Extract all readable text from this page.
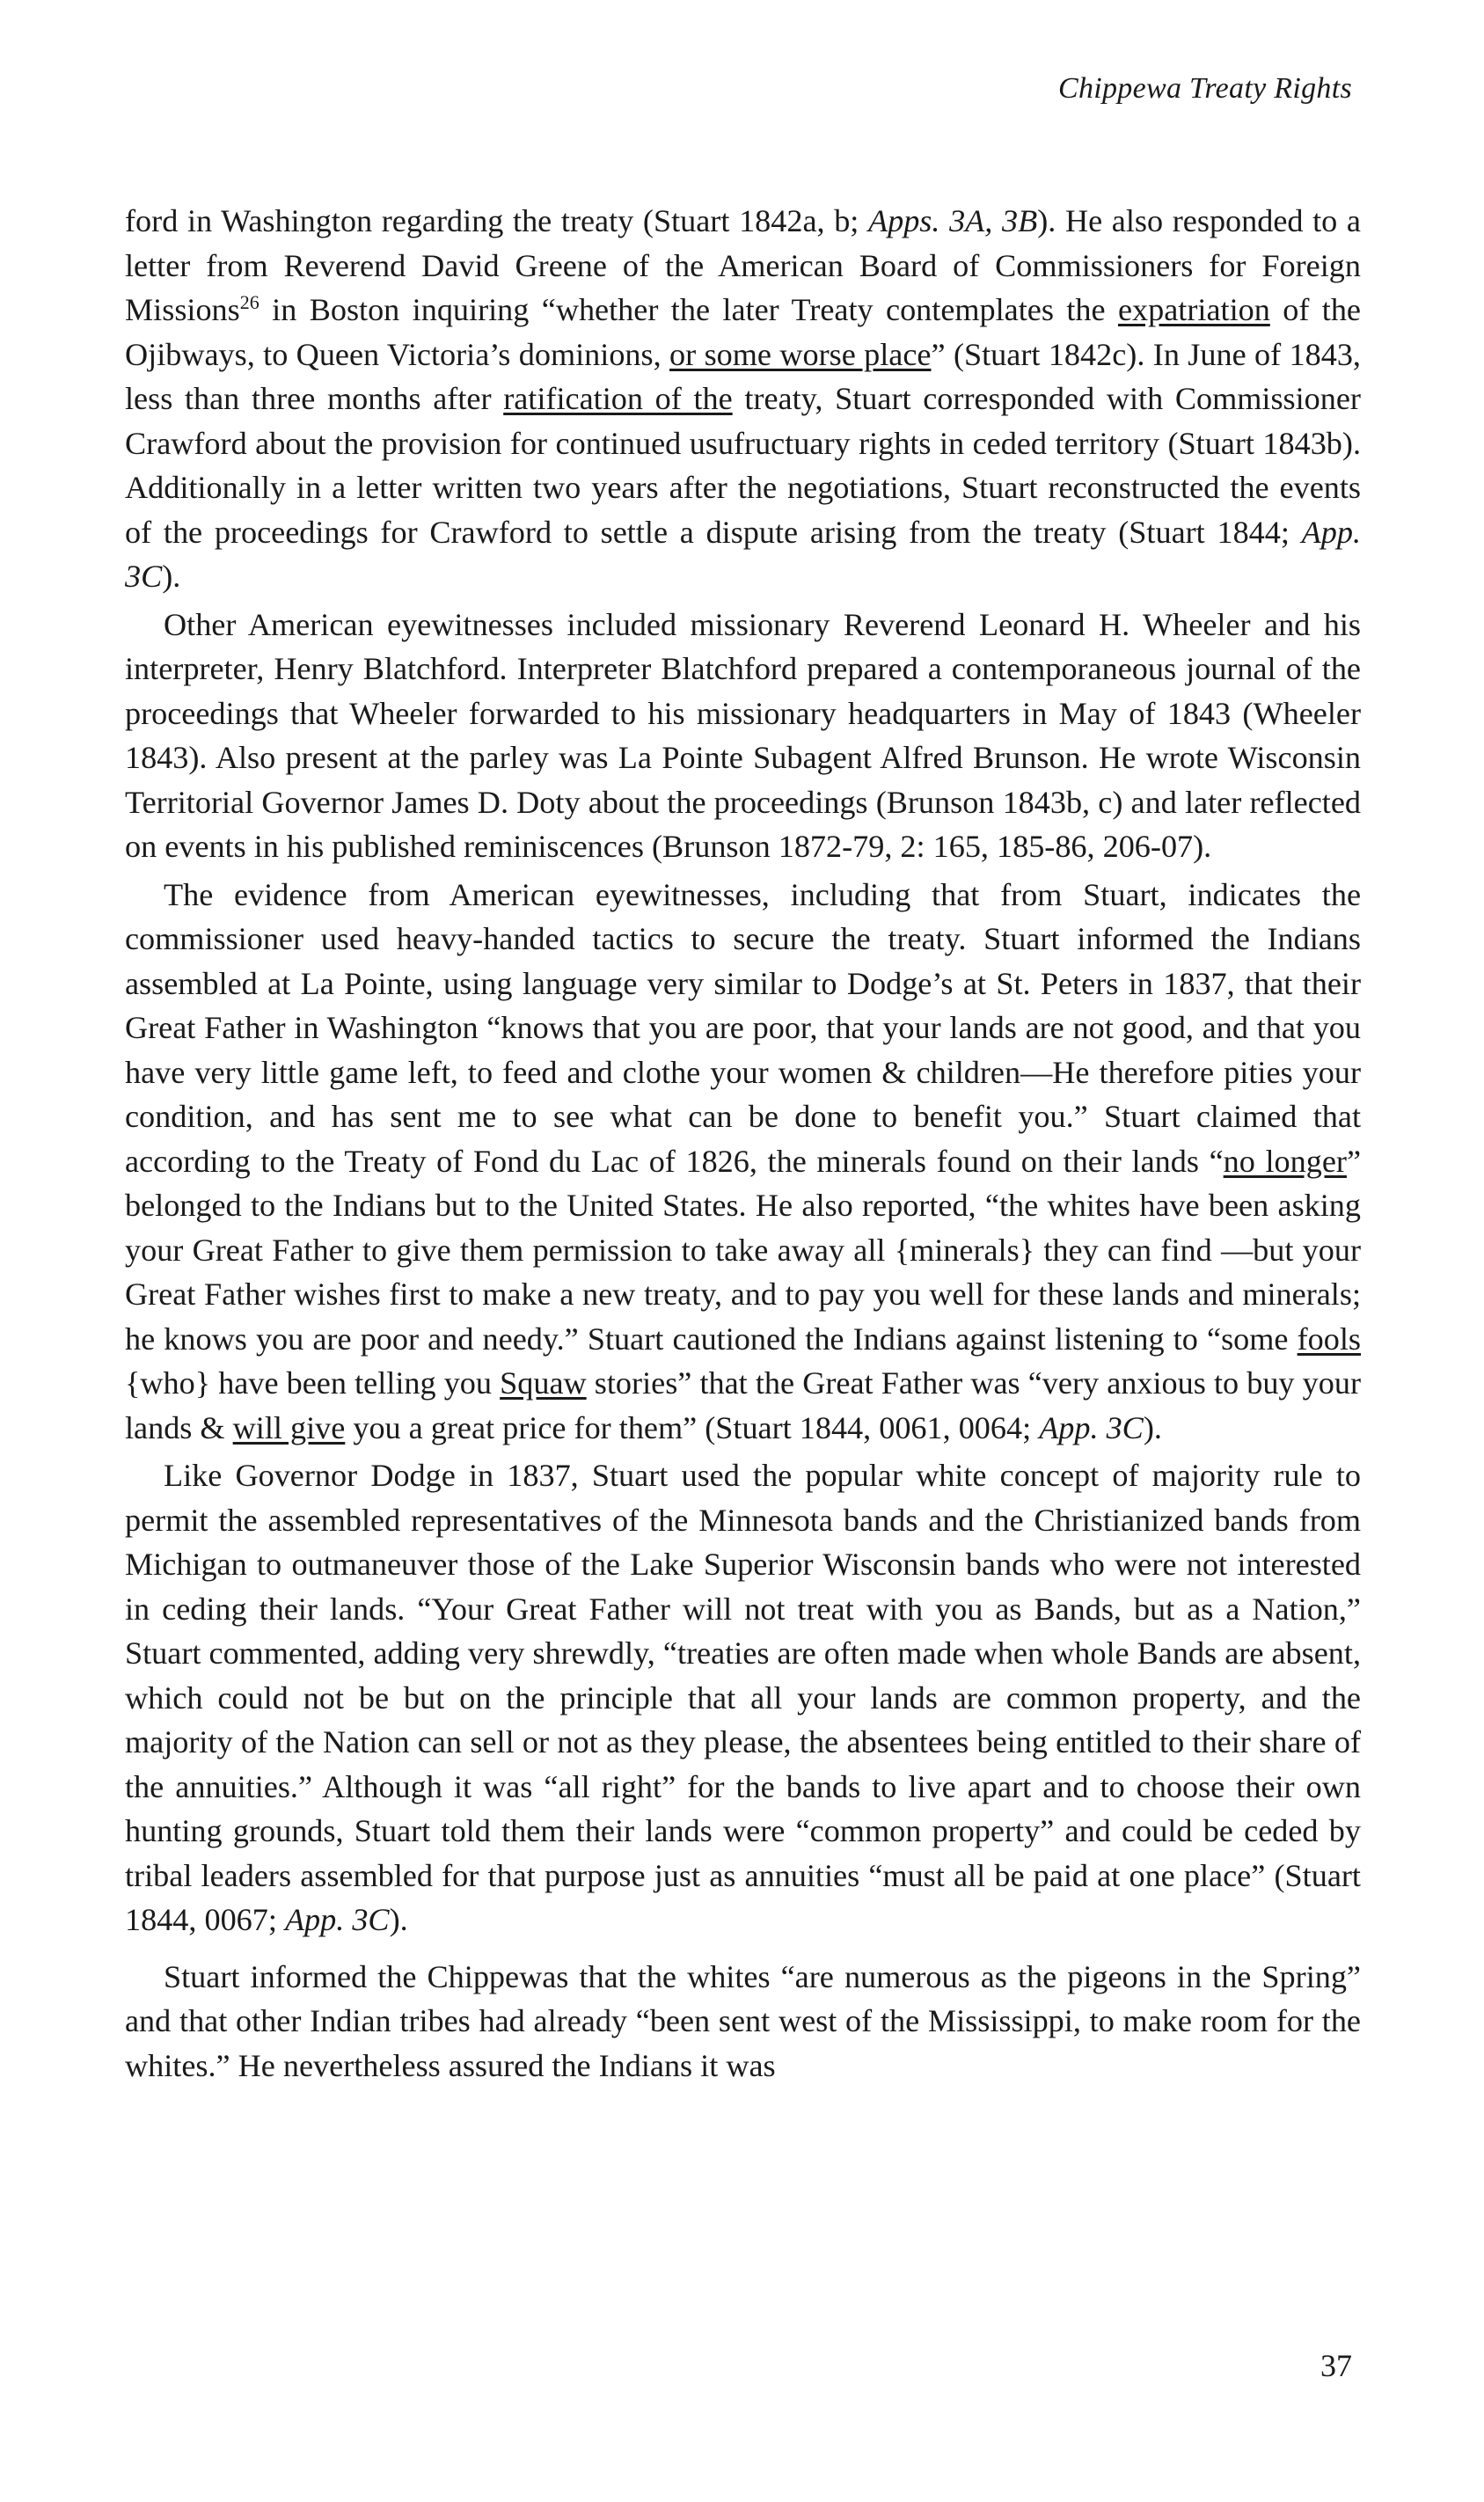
Chippewa Treaty Rights

ford in Washington regarding the treaty (Stuart 1842a, b; Apps. 3A, 3B). He also responded to a letter from Reverend David Greene of the American Board of Commissioners for Foreign Missions$^{26}$ in Boston inquiring “whether the later Treaty contemplates the expatriation of the Ojibways, to Queen Victoria’s dominions, or some worse place” (Stuart 1842c). In June of 1843, less than three months after ratification of the treaty, Stuart corresponded with Commissioner Crawford about the provision for continued usufructuary rights in ceded territory (Stuart 1843b). Additionally in a letter written two years after the negotiations, Stuart reconstructed the events of the proceedings for Crawford to settle a dispute arising from the treaty (Stuart 1844; App. 3C).

Other American eyewitnesses included missionary Reverend Leonard H. Wheeler and his interpreter, Henry Blatchford. Interpreter Blatchford prepared a contemporaneous journal of the proceedings that Wheeler forwarded to his missionary headquarters in May of 1843 (Wheeler 1843). Also present at the parley was La Pointe Subagent Alfred Brunson. He wrote Wisconsin Territorial Governor James D. Doty about the proceedings (Brunson 1843b, c) and later reflected on events in his published reminiscences (Brunson 1872-79, 2: 165, 185-86, 206-07).

The evidence from American eyewitnesses, including that from Stuart, indicates the commissioner used heavy-handed tactics to secure the treaty. Stuart informed the Indians assembled at La Pointe, using language very similar to Dodge’s at St. Peters in 1837, that their Great Father in Washington “knows that you are poor, that your lands are not good, and that you have very little game left, to feed and clothe your women & children—He therefore pities your condition, and has sent me to see what can be done to benefit you.” Stuart claimed that according to the Treaty of Fond du Lac of 1826, the minerals found on their lands “no longer” belonged to the Indians but to the United States. He also reported, “the whites have been asking your Great Father to give them permission to take away all {minerals} they can find —but your Great Father wishes first to make a new treaty, and to pay you well for these lands and minerals; he knows you are poor and needy.” Stuart cautioned the Indians against listening to “some fools {who} have been telling you Squaw stories” that the Great Father was “very anxious to buy your lands & will give you a great price for them” (Stuart 1844, 0061, 0064; App. 3C).

Like Governor Dodge in 1837, Stuart used the popular white concept of majority rule to permit the assembled representatives of the Minnesota bands and the Christianized bands from Michigan to outmaneuver those of the Lake Superior Wisconsin bands who were not interested in ceding their lands. “Your Great Father will not treat with you as Bands, but as a Nation,” Stuart commented, adding very shrewdly, “treaties are often made when whole Bands are absent, which could not be but on the principle that all your lands are common property, and the majority of the Nation can sell or not as they please, the absentees being entitled to their share of the annuities.” Although it was “all right” for the bands to live apart and to choose their own hunting grounds, Stuart told them their lands were “common property” and could be ceded by tribal leaders assembled for that purpose just as annuities “must all be paid at one place” (Stuart 1844, 0067; App. 3C).

Stuart informed the Chippewas that the whites “are numerous as the pigeons in the Spring” and that other Indian tribes had already “been sent west of the Mississippi, to make room for the whites.” He nevertheless assured the Indians it was

37
